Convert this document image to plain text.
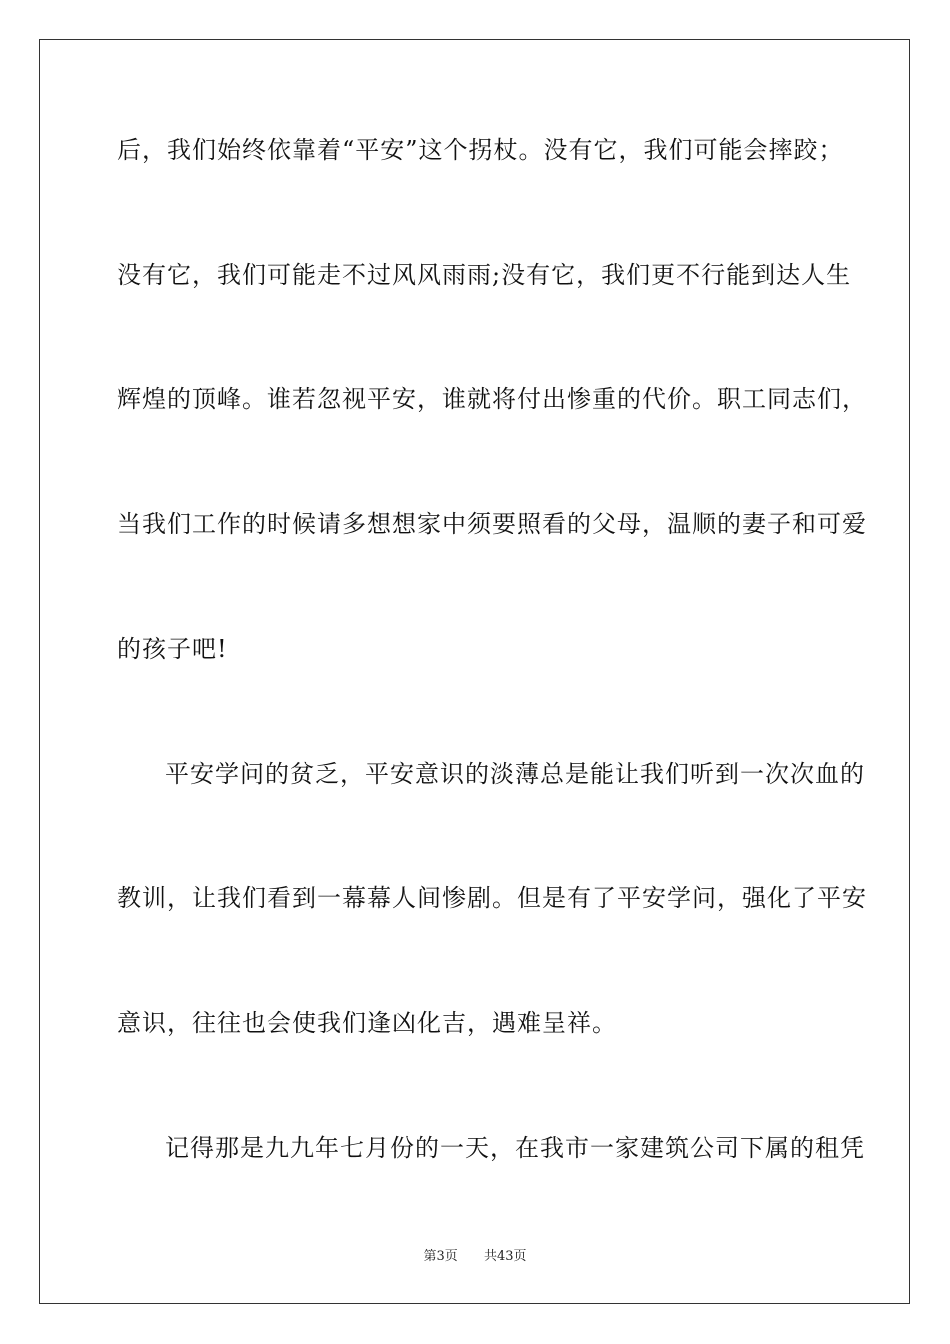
后，我们始终依靠着“平安”这个拐杖。没有它，我们可能会摔跤；
没有它，我们可能走不过风风雨雨;没有它，我们更不行能到达人生
辉煌的顶峰。谁若忽视平安，谁就将付出惨重的代价。职工同志们，
当我们工作的时候请多想想家中须要照看的父母，温顺的妻子和可爱
的孩子吧!
平安学问的贫乏，平安意识的淡薄总是能让我们听到一次次血的
教训，让我们看到一幕幕人间惨剧。但是有了平安学问，强化了平安
意识，往往也会使我们逢凶化吉，遇难呈祥。
记得那是九九年七月份的一天，在我市一家建筑公司下属的租凭
第3页 共43页
